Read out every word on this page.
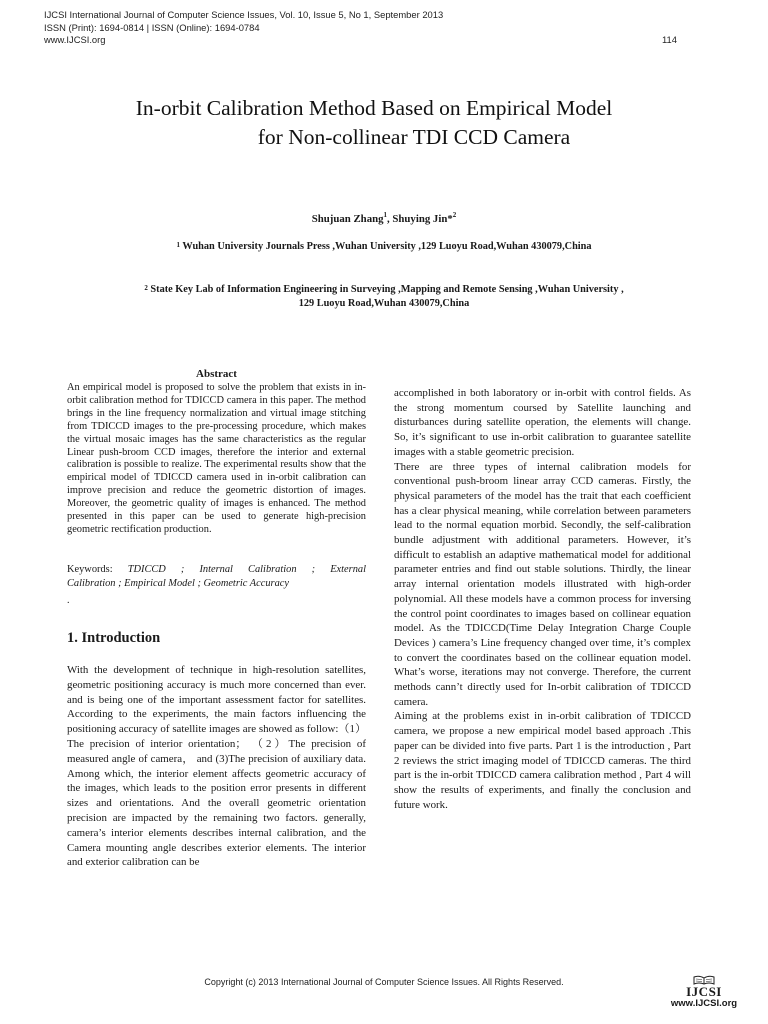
IJCSI International Journal of Computer Science Issues, Vol. 10, Issue 5, No 1, September 2013
ISSN (Print): 1694-0814 | ISSN (Online): 1694-0784
www.IJCSI.org	114
In-orbit Calibration Method Based on Empirical Model
for Non-collinear TDI CCD Camera
Shujuan Zhang$^1$, Shuying Jin*$^2$
$^1$ Wuhan University Journals Press ,Wuhan University ,129 Luoyu Road,Wuhan 430079,China
$^2$ State Key Lab of Information Engineering in Surveying ,Mapping and Remote Sensing ,Wuhan University ,
129 Luoyu Road,Wuhan 430079,China
Abstract

An empirical model is proposed to solve the problem that exists in in-orbit calibration method for TDICCD camera in this paper. The method brings in the line frequency normalization and virtual image stitching from TDICCD images to the pre-processing procedure, which makes the virtual mosaic images has the same characteristics as the regular Linear push-broom CCD images, therefore the interior and external calibration is possible to realize. The experimental results show that the empirical model of TDICCD camera used in in-orbit calibration can improve precision and reduce the geometric distortion of images. Moreover, the geometric quality of images is enhanced. The method presented in this paper can be used to generate high-precision geometric rectification production.

Keywords: TDICCD ; Internal Calibration ; External
Calibration ; Empirical Model ; Geometric Accuracy
.
1. Introduction

With the development of technique in high-resolution satellites, geometric positioning accuracy is much more concerned than ever. and is being one of the important assessment factor for satellites. According to the experiments, the main factors influencing the positioning accuracy of satellite images are showed as follow:（1）The precision of interior orientation； （2）The precision of measured angle of camera， and (3)The precision of auxiliary data. Among which, the interior element affects geometric accuracy of the images, which leads to the position error presents in different sizes and orientations. And the overall geometric orientation precision are impacted by the remaining two factors. generally, camera’s interior elements describes internal calibration, and the Camera mounting angle describes exterior elements. The interior and exterior calibration can be

accomplished in both laboratory or in-orbit with control fields. As the strong momentum coursed by Satellite launching and disturbances during satellite operation, the elements will change. So, it’s significant to use in-orbit calibration to guarantee satellite images with a stable geometric precision.

There are three types of internal calibration models for conventional push-broom linear array CCD cameras. Firstly, the physical parameters of the model has the trait that each coefficient has a clear physical meaning, while correlation between parameters lead to the normal equation morbid. Secondly, the self-calibration bundle adjustment with additional parameters. However, it’s difficult to establish an adaptive mathematical model for additional parameter entries and find out stable solutions. Thirdly, the linear array internal orientation models illustrated with high-order polynomial. All these models have a common process for inversing the control point coordinates to images based on collinear equation model. As the TDICCD(Time Delay Integration Charge Couple Devices ) camera’s Line frequency changed over time, it’s complex to convert the coordinates based on the collinear equation model. What’s worse, iterations may not converge. Therefore, the current methods cann’t directly used for In-orbit calibration of TDICCD camera.

Aiming at the problems exist in in-orbit calibration of TDICCD camera, we propose a new empirical model based approach .This paper can be divided into five parts. Part 1 is the introduction , Part 2 reviews the strict imaging model of TDICCD cameras. The third part is the in-orbit TDICCD camera calibration method , Part 4 will show the results of experiments, and finally the conclusion and future work.

Copyright (c) 2013 International Journal of Computer Science Issues. All Rights Reserved.
IJCSI
www.IJCSI.org
